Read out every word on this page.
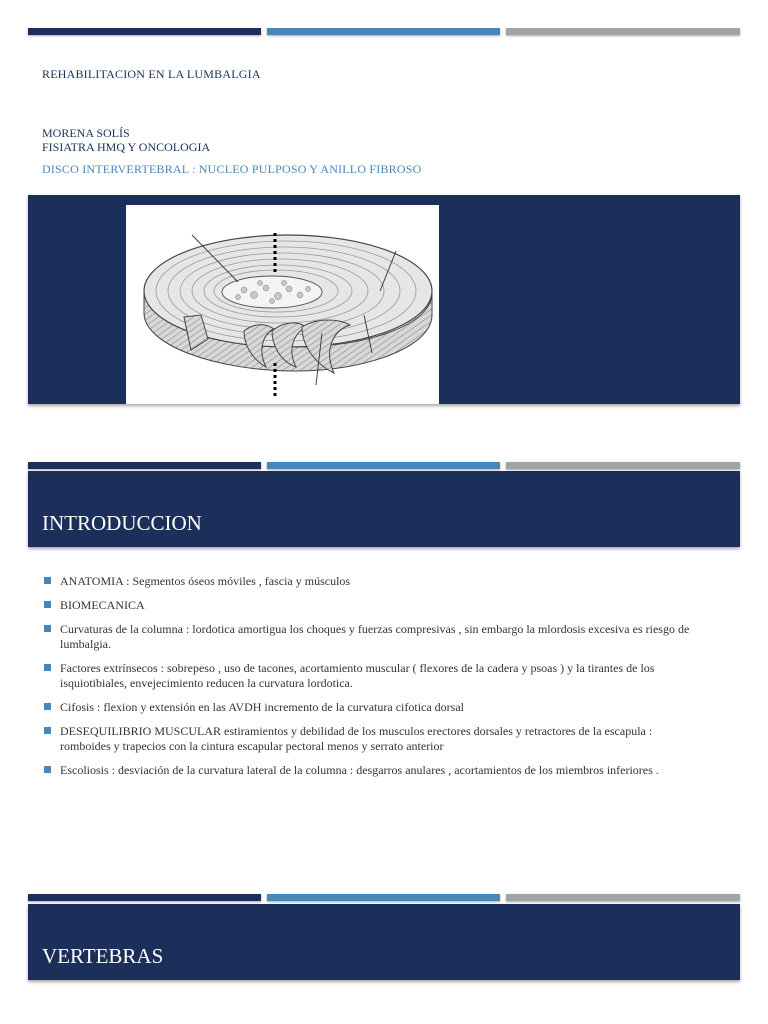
REHABILITACION EN LA LUMBALGIA
MORENA SOLÍS
FISIATRA HMQ Y ONCOLOGIA
DISCO INTERVERTEBRAL : NUCLEO PULPOSO Y ANILLO FIBROSO
INTRODUCCION
ANATOMIA : Segmentos óseos móviles , fascia y músculos
BIOMECANICA
Curvaturas de la columna : lordotica amortigua los choques y fuerzas compresivas , sin embargo la mlordosis excesiva es riesgo de lumbalgia.
Factores extrínsecos : sobrepeso , uso de tacones, acortamiento muscular ( flexores de la cadera y psoas ) y la tirantes de los isquiotibiales, envejecimiento reducen la curvatura lordotica.
Cifosis : flexion y extensión en las AVDH incremento de la curvatura cifotica dorsal
DESEQUILIBRIO MUSCULAR estiramientos y debilidad de los musculos erectores dorsales y retractores de la escapula : romboides y trapecios con la cintura escapular pectoral menos y serrato anterior
Escoliosis : desviación de la curvatura lateral de la columna : desgarros anulares , acortamientos de los miembros inferiores .
VERTEBRAS
